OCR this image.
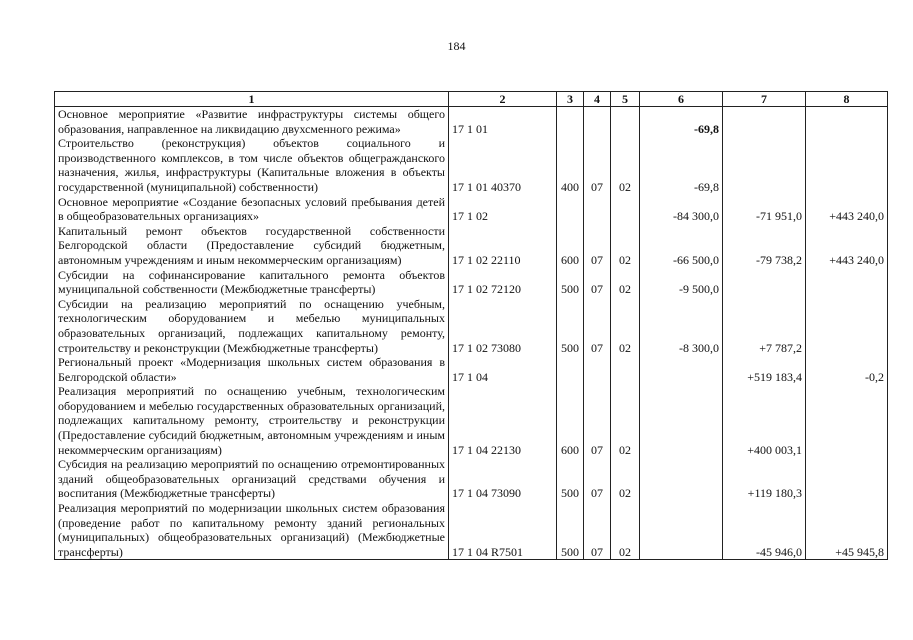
184
1	2	3	4	5	6	7	8
Основное мероприятие «Развитие инфраструктуры системы общего образования, направленное на ликвидацию двухсменного режима»	17 1 01				-69,8		
Строительство (реконструкция) объектов социального и производственного комплексов, в том числе объектов общегражданского назначения, жилья, инфраструктуры (Капитальные вложения в объекты государственной (муниципальной) собственности)	17 1 01 40370	400	07	02	-69,8		
Основное мероприятие «Создание безопасных условий пребывания детей в общеобразовательных организациях»	17 1 02				-84 300,0	-71 951,0	+443 240,0
Капитальный ремонт объектов государственной собственности Белгородской области (Предоставление субсидий бюджетным, автономным учреждениям и иным некоммерческим организациям)	17 1 02 22110	600	07	02	-66 500,0	-79 738,2	+443 240,0
Субсидии на софинансирование капитального ремонта объектов муниципальной собственности (Межбюджетные трансферты)	17 1 02 72120	500	07	02	-9 500,0		
Субсидии на реализацию мероприятий по оснащению учебным, технологическим оборудованием и мебелью муниципальных образовательных организаций, подлежащих капитальному ремонту, строительству и реконструкции (Межбюджетные трансферты)	17 1 02 73080	500	07	02	-8 300,0	+7 787,2	
Региональный проект «Модернизация школьных систем образования в Белгородской области»	17 1 04					+519 183,4	-0,2
Реализация мероприятий по оснащению учебным, технологическим оборудованием и мебелью государственных образовательных организаций, подлежащих капитальному ремонту, строительству и реконструкции (Предоставление субсидий бюджетным, автономным учреждениям и иным некоммерческим организациям)	17 1 04 22130	600	07	02		+400 003,1	
Субсидия на реализацию мероприятий по оснащению отремонтированных зданий общеобразовательных организаций средствами обучения и воспитания (Межбюджетные трансферты)	17 1 04 73090	500	07	02		+119 180,3	
Реализация мероприятий по модернизации школьных систем образования (проведение работ по капитальному ремонту зданий региональных (муниципальных) общеобразовательных организаций) (Межбюджетные трансферты)	17 1 04 R7501	500	07	02		-45 946,0	+45 945,8
